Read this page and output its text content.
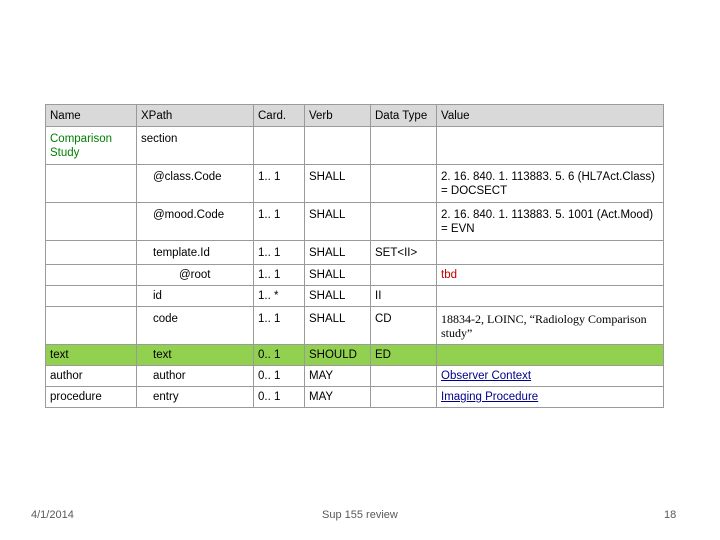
Name	XPath	Card.	Verb	Data Type	Value
Comparison Study	section				
	@class.Code	1.. 1	SHALL		2. 16. 840. 1. 113883. 5. 6 (HL7Act.Class) = DOCSECT
	@mood.Code	1.. 1	SHALL		2. 16. 840. 1. 113883. 5. 1001 (Act.Mood) = EVN
	template.Id	1.. 1	SHALL	SET<II>	
	@root	1.. 1	SHALL		tbd
	id	1.. *	SHALL	II	
	code	1.. 1	SHALL	CD	18834-2, LOINC, “Radiology Comparison study”
text	text	0.. 1	SHOULD	ED	
author	author	0.. 1	MAY		Observer Context
procedure	entry	0.. 1	MAY		Imaging Procedure
4/1/2014	Sup 155 review	18
